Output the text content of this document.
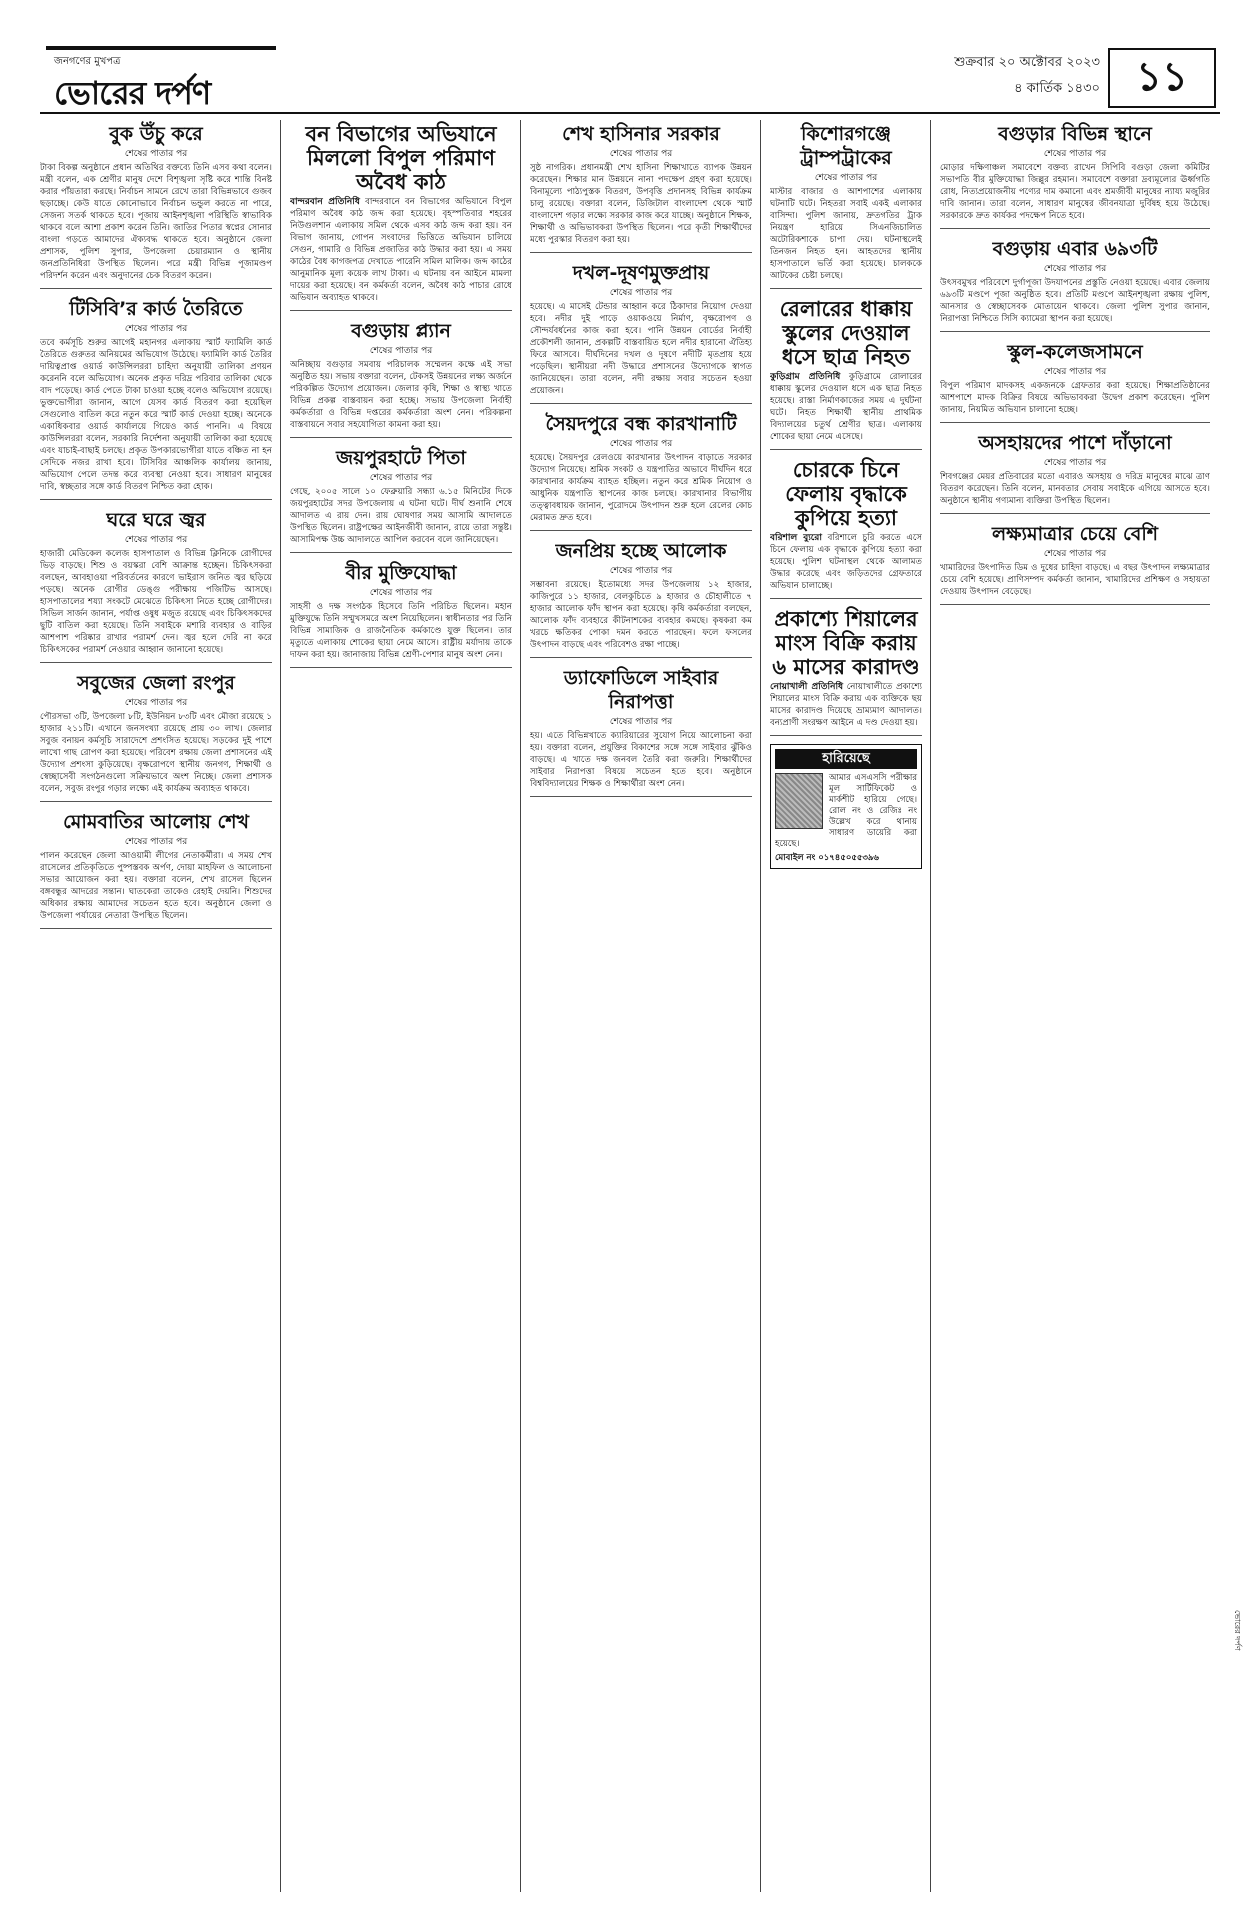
জনগণের মুখপত্র
ভোরের দর্পণ
শুক্রবার ২০ অক্টোবর ২০২৩
৪ কার্তিক ১৪৩০ ১১
বুক উঁচু করে
শেষের পাতার পর

টাকা বিকল্প অনুষ্ঠানে প্রধান অতিথির বক্তব্যে তিনি এসব কথা বলেন। মন্ত্রী বলেন, এক শ্রেণীর মানুষ দেশে বিশৃঙ্খলা সৃষ্টি করে শান্তি বিনষ্ট করার পাঁয়তারা করছে। নির্বাচন সামনে রেখে তারা বিভিন্নভাবে গুজব ছড়াচ্ছে। কেউ যাতে কোনোভাবে নির্বাচন ভন্ডুল করতে না পারে, সেজন্য সতর্ক থাকতে হবে। পূজায় আইনশৃঙ্খলা পরিস্থিতি স্বাভাবিক থাকবে বলে আশা প্রকাশ করেন তিনি। জাতির পিতার স্বপ্নের সোনার বাংলা গড়তে আমাদের ঐক্যবদ্ধ থাকতে হবে। অনুষ্ঠানে জেলা প্রশাসক, পুলিশ সুপার, উপজেলা চেয়ারম্যান ও স্থানীয় জনপ্রতিনিধিরা উপস্থিত ছিলেন। পরে মন্ত্রী বিভিন্ন পূজামণ্ডপ পরিদর্শন করেন এবং অনুদানের চেক বিতরণ করেন।

টিসিবি’র কার্ড তৈরিতে
শেষের পাতার পর

তবে কর্মসূচি শুরুর আগেই মহানগর এলাকায় স্মার্ট ফ্যামিলি কার্ড তৈরিতে গুরুতর অনিয়মের অভিযোগ উঠেছে। ফ্যামিলি কার্ড তৈরির দায়িত্বপ্রাপ্ত ওয়ার্ড কাউন্সিলররা চাহিদা অনুযায়ী তালিকা প্রণয়ন করেননি বলে অভিযোগ। অনেক প্রকৃত দরিদ্র পরিবার তালিকা থেকে বাদ পড়েছে। কার্ড পেতে টাকা চাওয়া হচ্ছে বলেও অভিযোগ রয়েছে। ভুক্তভোগীরা জানান, আগে যেসব কার্ড বিতরণ করা হয়েছিল সেগুলোও বাতিল করে নতুন করে স্মার্ট কার্ড দেওয়া হচ্ছে। অনেকে একাধিকবার ওয়ার্ড কার্যালয়ে গিয়েও কার্ড পাননি। এ বিষয়ে কাউন্সিলররা বলেন, সরকারি নির্দেশনা অনুযায়ী তালিকা করা হয়েছে এবং যাচাই-বাছাই চলছে। প্রকৃত উপকারভোগীরা যাতে বঞ্চিত না হন সেদিকে নজর রাখা হবে। টিসিবির আঞ্চলিক কার্যালয় জানায়, অভিযোগ পেলে তদন্ত করে ব্যবস্থা নেওয়া হবে। সাধারণ মানুষের দাবি, স্বচ্ছতার সঙ্গে কার্ড বিতরণ নিশ্চিত করা হোক।

ঘরে ঘরে জ্বর
শেষের পাতার পর

হাজারী মেডিকেল কলেজ হাসপাতাল ও বিভিন্ন ক্লিনিকে রোগীদের ভিড় বাড়ছে। শিশু ও বয়স্করা বেশি আক্রান্ত হচ্ছেন। চিকিৎসকরা বলছেন, আবহাওয়া পরিবর্তনের কারণে ভাইরাস জনিত জ্বর ছড়িয়ে পড়ছে। অনেক রোগীর ডেঙ্গু পরীক্ষায় পজিটিভ আসছে। হাসপাতালের শয্যা সংকটে মেঝেতে চিকিৎসা নিতে হচ্ছে রোগীদের। সিভিল সার্জন জানান, পর্যাপ্ত ওষুধ মজুত রয়েছে এবং চিকিৎসকদের ছুটি বাতিল করা হয়েছে। তিনি সবাইকে মশারি ব্যবহার ও বাড়ির আশপাশ পরিষ্কার রাখার পরামর্শ দেন। জ্বর হলে দেরি না করে চিকিৎসকের পরামর্শ নেওয়ার আহ্বান জানানো হয়েছে।

সবুজের জেলা রংপুর
শেষের পাতার পর

পৌরসভা ৩টি, উপজেলা ৮টি, ইউনিয়ন ৮৩টি এবং মৌজা রয়েছে ১ হাজার ২১১টি। এখানে জনসংখ্যা রয়েছে প্রায় ৩০ লাখ। জেলার সবুজ বনায়ন কর্মসূচি সারাদেশে প্রশংসিত হয়েছে। সড়কের দুই পাশে লাখো গাছ রোপণ করা হয়েছে। পরিবেশ রক্ষায় জেলা প্রশাসনের এই উদ্যোগ প্রশংসা কুড়িয়েছে। বৃক্ষরোপণে স্থানীয় জনগণ, শিক্ষার্থী ও স্বেচ্ছাসেবী সংগঠনগুলো সক্রিয়ভাবে অংশ নিচ্ছে। জেলা প্রশাসক বলেন, সবুজ রংপুর গড়ার লক্ষ্যে এই কার্যক্রম অব্যাহত থাকবে।

মোমবাতির আলোয় শেখ
শেষের পাতার পর

পালন করেছেন জেলা আওয়ামী লীগের নেতাকর্মীরা। এ সময় শেখ রাসেলের প্রতিকৃতিতে পুষ্পস্তবক অর্পণ, দোয়া মাহফিল ও আলোচনা সভার আয়োজন করা হয়। বক্তারা বলেন, শেখ রাসেল ছিলেন বঙ্গবন্ধুর আদরের সন্তান। ঘাতকেরা তাকেও রেহাই দেয়নি। শিশুদের অধিকার রক্ষায় আমাদের সচেতন হতে হবে। অনুষ্ঠানে জেলা ও উপজেলা পর্যায়ের নেতারা উপস্থিত ছিলেন।

বন বিভাগের অভিযানে মিললো বিপুল পরিমাণ অবৈধ কাঠ

বান্দরবান প্রতিনিধি বান্দরবানে বন বিভাগের অভিযানে বিপুল পরিমাণ অবৈধ কাঠ জব্দ করা হয়েছে। বৃহস্পতিবার শহরের নিউগুলশান এলাকায় সমিল থেকে এসব কাঠ জব্দ করা হয়। বন বিভাগ জানায়, গোপন সংবাদের ভিত্তিতে অভিযান চালিয়ে সেগুন, গামারি ও বিভিন্ন প্রজাতির কাঠ উদ্ধার করা হয়। এ সময় কাঠের বৈধ কাগজপত্র দেখাতে পারেনি সমিল মালিক। জব্দ কাঠের আনুমানিক মূল্য কয়েক লাখ টাকা। এ ঘটনায় বন আইনে মামলা দায়ের করা হয়েছে। বন কর্মকর্তা বলেন, অবৈধ কাঠ পাচার রোধে অভিযান অব্যাহত থাকবে।

বগুড়ায় প্ল্যান
শেষের পাতার পর

অনিচ্ছায় বগুড়ার সমবায় পরিচালক সম্মেলন কক্ষে এই সভা অনুষ্ঠিত হয়। সভায় বক্তারা বলেন, টেকসই উন্নয়নের লক্ষ্য অর্জনে পরিকল্পিত উদ্যোগ প্রয়োজন। জেলার কৃষি, শিক্ষা ও স্বাস্থ্য খাতে বিভিন্ন প্রকল্প বাস্তবায়ন করা হচ্ছে। সভায় উপজেলা নির্বাহী কর্মকর্তারা ও বিভিন্ন দপ্তরের কর্মকর্তারা অংশ নেন। পরিকল্পনা বাস্তবায়নে সবার সহযোগিতা কামনা করা হয়।

জয়পুরহাটে পিতা
শেষের পাতার পর

গেছে, ২০০৫ সালে ১০ ফেব্রুয়ারি সন্ধ্যা ৬.১৫ মিনিটের দিকে জয়পুরহাটের সদর উপজেলায় এ ঘটনা ঘটে। দীর্ঘ শুনানি শেষে আদালত এ রায় দেন। রায় ঘোষণার সময় আসামি আদালতে উপস্থিত ছিলেন। রাষ্ট্রপক্ষের আইনজীবী জানান, রায়ে তারা সন্তুষ্ট। আসামিপক্ষ উচ্চ আদালতে আপিল করবেন বলে জানিয়েছেন।

বীর মুক্তিযোদ্ধা
শেষের পাতার পর

সাহসী ও দক্ষ সংগঠক হিসেবে তিনি পরিচিত ছিলেন। মহান মুক্তিযুদ্ধে তিনি সম্মুখসমরে অংশ নিয়েছিলেন। স্বাধীনতার পর তিনি বিভিন্ন সামাজিক ও রাজনৈতিক কর্মকাণ্ডে যুক্ত ছিলেন। তার মৃত্যুতে এলাকায় শোকের ছায়া নেমে আসে। রাষ্ট্রীয় মর্যাদায় তাকে দাফন করা হয়। জানাজায় বিভিন্ন শ্রেণী-পেশার মানুষ অংশ নেন।

শেখ হাসিনার সরকার
শেষের পাতার পর

সুষ্ঠ নাগরিক। প্রধানমন্ত্রী শেখ হাসিনা শিক্ষাখাতে ব্যাপক উন্নয়ন করেছেন। শিক্ষার মান উন্নয়নে নানা পদক্ষেপ গ্রহণ করা হয়েছে। বিনামূল্যে পাঠ্যপুস্তক বিতরণ, উপবৃত্তি প্রদানসহ বিভিন্ন কার্যক্রম চালু রয়েছে। বক্তারা বলেন, ডিজিটাল বাংলাদেশ থেকে স্মার্ট বাংলাদেশ গড়ার লক্ষ্যে সরকার কাজ করে যাচ্ছে। অনুষ্ঠানে শিক্ষক, শিক্ষার্থী ও অভিভাবকরা উপস্থিত ছিলেন। পরে কৃতী শিক্ষার্থীদের মধ্যে পুরস্কার বিতরণ করা হয়।

দখল-দূষণমুক্তপ্রায়
শেষের পাতার পর

হয়েছে। এ মাসেই টেন্ডার আহ্বান করে ঠিকাদার নিয়োগ দেওয়া হবে। নদীর দুই পাড়ে ওয়াকওয়ে নির্মাণ, বৃক্ষরোপণ ও সৌন্দর্যবর্ধনের কাজ করা হবে। পানি উন্নয়ন বোর্ডের নির্বাহী প্রকৌশলী জানান, প্রকল্পটি বাস্তবায়িত হলে নদীর হারানো ঐতিহ্য ফিরে আসবে। দীর্ঘদিনের দখল ও দূষণে নদীটি মৃতপ্রায় হয়ে পড়েছিল। স্থানীয়রা নদী উদ্ধারে প্রশাসনের উদ্যোগকে স্বাগত জানিয়েছেন। তারা বলেন, নদী রক্ষায় সবার সচেতন হওয়া প্রয়োজন।

সৈয়দপুরে বন্ধ কারখানাটি
শেষের পাতার পর

হয়েছে। সৈয়দপুর রেলওয়ে কারখানার উৎপাদন বাড়াতে সরকার উদ্যোগ নিয়েছে। শ্রমিক সংকট ও যন্ত্রপাতির অভাবে দীর্ঘদিন ধরে কারখানার কার্যক্রম ব্যাহত হচ্ছিল। নতুন করে শ্রমিক নিয়োগ ও আধুনিক যন্ত্রপাতি স্থাপনের কাজ চলছে। কারখানার বিভাগীয় তত্ত্বাবধায়ক জানান, পুরোদমে উৎপাদন শুরু হলে রেলের কোচ মেরামত দ্রুত হবে।

জনপ্রিয় হচ্ছে আলোক
শেষের পাতার পর

সম্ভাবনা রয়েছে। ইতোমধ্যে সদর উপজেলায় ১২ হাজার, কাজিপুরে ১১ হাজার, বেলকুচিতে ৯ হাজার ও চৌহালীতে ৭ হাজার আলোক ফাঁদ স্থাপন করা হয়েছে। কৃষি কর্মকর্তারা বলছেন, আলোক ফাঁদ ব্যবহারে কীটনাশকের ব্যবহার কমছে। কৃষকরা কম খরচে ক্ষতিকর পোকা দমন করতে পারছেন। ফলে ফসলের উৎপাদন বাড়ছে এবং পরিবেশও রক্ষা পাচ্ছে।

ড্যাফোডিলে সাইবার নিরাপত্তা
শেষের পাতার পর

হয়। এতে বিভিন্নখাতে ক্যারিয়ারের সুযোগ নিয়ে আলোচনা করা হয়। বক্তারা বলেন, প্রযুক্তির বিকাশের সঙ্গে সঙ্গে সাইবার ঝুঁকিও বাড়ছে। এ খাতে দক্ষ জনবল তৈরি করা জরুরি। শিক্ষার্থীদের সাইবার নিরাপত্তা বিষয়ে সচেতন হতে হবে। অনুষ্ঠানে বিশ্ববিদ্যালয়ের শিক্ষক ও শিক্ষার্থীরা অংশ নেন।

কিশোরগঞ্জে ট্রাম্পট্রাকের
শেষের পাতার পর

মাস্টার বাজার ও আশপাশের এলাকায় ঘটনাটি ঘটে। নিহতরা সবাই একই এলাকার বাসিন্দা। পুলিশ জানায়, দ্রুতগতির ট্রাক নিয়ন্ত্রণ হারিয়ে সিএনজিচালিত অটোরিকশাকে চাপা দেয়। ঘটনাস্থলেই তিনজন নিহত হন। আহতদের স্থানীয় হাসপাতালে ভর্তি করা হয়েছে। চালককে আটকের চেষ্টা চলছে।

রেলারের ধাক্কায় স্কুলের দেওয়াল ধসে ছাত্র নিহত

কুড়িগ্রাম প্রতিনিধি কুড়িগ্রামে রোলারের ধাক্কায় স্কুলের দেওয়াল ধসে এক ছাত্র নিহত হয়েছে। রাস্তা নির্মাণকাজের সময় এ দুর্ঘটনা ঘটে। নিহত শিক্ষার্থী স্থানীয় প্রাথমিক বিদ্যালয়ের চতুর্থ শ্রেণীর ছাত্র। এলাকায় শোকের ছায়া নেমে এসেছে।

চোরকে চিনে ফেলায় বৃদ্ধাকে কুপিয়ে হত্যা

বরিশাল ব্যুরো বরিশালে চুরি করতে এসে চিনে ফেলায় এক বৃদ্ধাকে কুপিয়ে হত্যা করা হয়েছে। পুলিশ ঘটনাস্থল থেকে আলামত উদ্ধার করেছে এবং জড়িতদের গ্রেফতারে অভিযান চালাচ্ছে।

প্রকাশ্যে শিয়ালের মাংস বিক্রি করায় ৬ মাসের কারাদণ্ড

নোয়াখালী প্রতিনিধি নোয়াখালীতে প্রকাশ্যে শিয়ালের মাংস বিক্রি করায় এক ব্যক্তিকে ছয় মাসের কারাদণ্ড দিয়েছে ভ্রাম্যমাণ আদালত। বন্যপ্রাণী সংরক্ষণ আইনে এ দণ্ড দেওয়া হয়।

হারিয়েছে
আমার এসএসসি পরীক্ষার মূল সার্টিফিকেট ও মার্কশীট হারিয়ে গেছে। রোল নং ও রেজিঃ নং উল্লেখ করে থানায় সাধারণ ডায়েরি করা হয়েছে।
মোবাইল নং ০১৭৪৫০৫৫৩৯৬
বগুড়ার বিভিন্ন স্থানে
শেষের পাতার পর

মোড়ার দক্ষিণাঞ্চল সমাবেশে বক্তব্য রাখেন সিপিবি বগুড়া জেলা কমিটির সভাপতি বীর মুক্তিযোদ্ধা জিল্লুর রহমান। সমাবেশে বক্তারা দ্রব্যমূল্যের ঊর্ধ্বগতি রোধ, নিত্যপ্রয়োজনীয় পণ্যের দাম কমানো এবং শ্রমজীবী মানুষের ন্যায্য মজুরির দাবি জানান। তারা বলেন, সাধারণ মানুষের জীবনযাত্রা দুর্বিষহ হয়ে উঠেছে। সরকারকে দ্রুত কার্যকর পদক্ষেপ নিতে হবে।

বগুড়ায় এবার ৬৯৩টি
শেষের পাতার পর

উৎসবমুখর পরিবেশে দুর্গাপূজা উদযাপনের প্রস্তুতি নেওয়া হয়েছে। এবার জেলায় ৬৯৩টি মণ্ডপে পূজা অনুষ্ঠিত হবে। প্রতিটি মণ্ডপে আইনশৃঙ্খলা রক্ষায় পুলিশ, আনসার ও স্বেচ্ছাসেবক মোতায়েন থাকবে। জেলা পুলিশ সুপার জানান, নিরাপত্তা নিশ্চিতে সিসি ক্যামেরা স্থাপন করা হয়েছে।

স্কুল-কলেজসামনে
শেষের পাতার পর

বিপুল পরিমাণ মাদকসহ একজনকে গ্রেফতার করা হয়েছে। শিক্ষাপ্রতিষ্ঠানের আশপাশে মাদক বিক্রির বিষয়ে অভিভাবকরা উদ্বেগ প্রকাশ করেছেন। পুলিশ জানায়, নিয়মিত অভিযান চালানো হচ্ছে।

অসহায়দের পাশে দাঁড়ানো
শেষের পাতার পর

শিবগঞ্জের মেয়র প্রতিবারের মতো এবারও অসহায় ও দরিদ্র মানুষের মাঝে ত্রাণ বিতরণ করেছেন। তিনি বলেন, মানবতার সেবায় সবাইকে এগিয়ে আসতে হবে। অনুষ্ঠানে স্থানীয় গণ্যমান্য ব্যক্তিরা উপস্থিত ছিলেন।

লক্ষ্যমাত্রার চেয়ে বেশি
শেষের পাতার পর

খামারিদের উৎপাদিত ডিম ও দুধের চাহিদা বাড়ছে। এ বছর উৎপাদন লক্ষ্যমাত্রার চেয়ে বেশি হয়েছে। প্রাণিসম্পদ কর্মকর্তা জানান, খামারিদের প্রশিক্ষণ ও সহায়তা দেওয়ায় উৎপাদন বেড়েছে।

ভোরের দর্পণ
